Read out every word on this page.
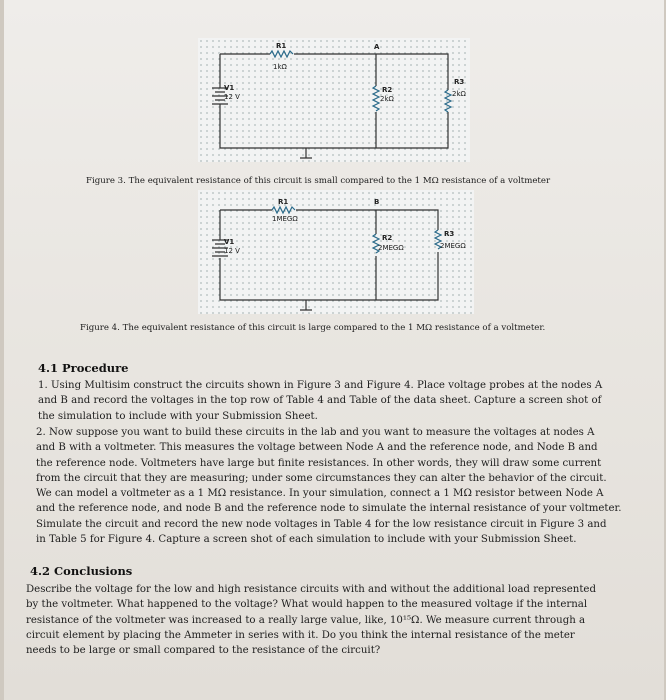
R1
1kΩ
A
V1
12 V
R2
2kΩ
R3
2kΩ
Figure 3. The equivalent resistance of this circuit is small compared to the 1 MΩ resistance of a voltmeter
R1
1MEGΩ
B
V1
12 V
R2
2MEGΩ
R3
2MEGΩ
Figure 4. The equivalent resistance of this circuit is large compared to the 1 MΩ resistance of a voltmeter.
4.1 Procedure
1. Using Multisim construct the circuits shown in Figure 3 and Figure 4. Place voltage probes at the nodes A
and B and record the voltages in the top row of Table 4 and Table of the data sheet. Capture a screen shot of
the simulation to include with your Submission Sheet.
2. Now suppose you want to build these circuits in the lab and you want to measure the voltages at nodes A
and B with a voltmeter. This measures the voltage between Node A and the reference node, and Node B and
the reference node. Voltmeters have large but finite resistances. In other words, they will draw some current
from the circuit that they are measuring; under some circumstances they can alter the behavior of the circuit.
We can model a voltmeter as a 1 MΩ resistance. In your simulation, connect a 1 MΩ resistor between Node A
and the reference node, and node B and the reference node to simulate the internal resistance of your voltmeter.
Simulate the circuit and record the new node voltages in Table 4 for the low resistance circuit in Figure 3 and
in Table 5 for Figure 4. Capture a screen shot of each simulation to include with your Submission Sheet.
4.2 Conclusions
Describe the voltage for the low and high resistance circuits with and without the additional load represented
by the voltmeter. What happened to the voltage? What would happen to the measured voltage if the internal
resistance of the voltmeter was increased to a really large value, like, 10¹⁵Ω. We measure current through a
circuit element by placing the Ammeter in series with it. Do you think the internal resistance of the meter
needs to be large or small compared to the resistance of the circuit?
